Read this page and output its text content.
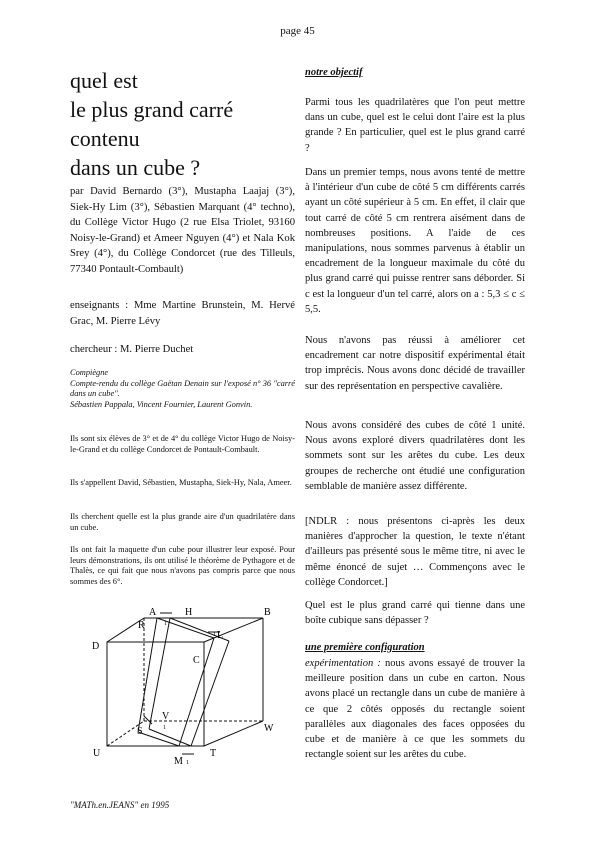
page 45
quel est
le plus grand carré
contenu
dans un cube ?
par David Bernardo (3°), Mustapha Laajaj (3°), Siek-Hy Lim (3°), Sébastien Marquant (4° techno), du Collège Victor Hugo (2 rue Elsa Triolet, 93160 Noisy-le-Grand) et Ameer Nguyen (4°) et Nala Kok Srey (4°), du Collège Condorcet (rue des Tilleuls, 77340 Pontault-Combault)
enseignants : Mme Martine Brunstein, M. Hervé Grac, M. Pierre Lévy
chercheur : M. Pierre Duchet
Compiègne
Compte-rendu du collège Gaëtan Denain sur l'exposé n° 36 "carré dans un cube".
Sébastien Pappala, Vincent Fournier, Laurent Gonvin.
Ils sont six élèves de 3° et de 4° du collège Victor Hugo de Noisy-le-Grand et du collège Condorcet de Pontault-Combault.
Ils s'appellent David, Sébastien, Mustapha, Siek-Hy, Nala, Ameer.
Ils cherchent quelle est la plus grande aire d'un quadrilatère dans un cube.
Ils ont fait la maquette d'un cube pour illustrer leur exposé. Pour leurs démonstrations, ils ont utilisé le théorème de Pythagore et de Thalès, ce qui fait que nous n'avons pas compris parce que nous sommes des 6°.
A	H	B
R
D
L
C
V
S	W
U
M
T
1
1
1
1
"MATh.en.JEANS" en 1995
notre objectif
Parmi tous les quadrilatères que l'on peut mettre dans un cube, quel est le celui dont l'aire est la plus grande ? En particulier, quel est le plus grand carré ?
Dans un premier temps, nous avons tenté de mettre à l'intérieur d'un cube de côté 5 cm différents carrés ayant un côté supérieur à 5 cm. En effet, il clair que tout carré de côté 5 cm rentrera aisément dans de nombreuses positions. A l'aide de ces manipulations, nous sommes parvenus à établir un encadrement de la longueur maximale du côté du plus grand carré qui puisse rentrer sans déborder. Si c est la longueur d'un tel carré, alors on a : 5,3 ≤ c ≤ 5,5.
Nous n'avons pas réussi à améliorer cet encadrement car notre dispositif expérimental était trop imprécis. Nous avons donc décidé de travailler sur des représentation en perspective cavalière.
Nous avons considéré des cubes de côté 1 unité. Nous avons exploré divers quadrilatères dont les sommets sont sur les arêtes du cube. Les deux groupes de recherche ont étudié une configuration semblable de manière assez différente.
[NDLR : nous présentons ci-après les deux manières d'approcher la question, le texte n'étant d'ailleurs pas présenté sous le même titre, ni avec le même énoncé de sujet … Commençons avec le collège Condorcet.]
Quel est le plus grand carré qui tienne dans une boîte cubique sans dépasser ?
une première configuration
expérimentation : nous avons essayé de trouver la meilleure position dans un cube en carton. Nous avons placé un rectangle dans un cube de manière à ce que 2 côtés opposés du rectangle soient parallèles aux diagonales des faces opposées du cube et de manière à ce que les sommets du rectangle soient sur les arêtes du cube.
